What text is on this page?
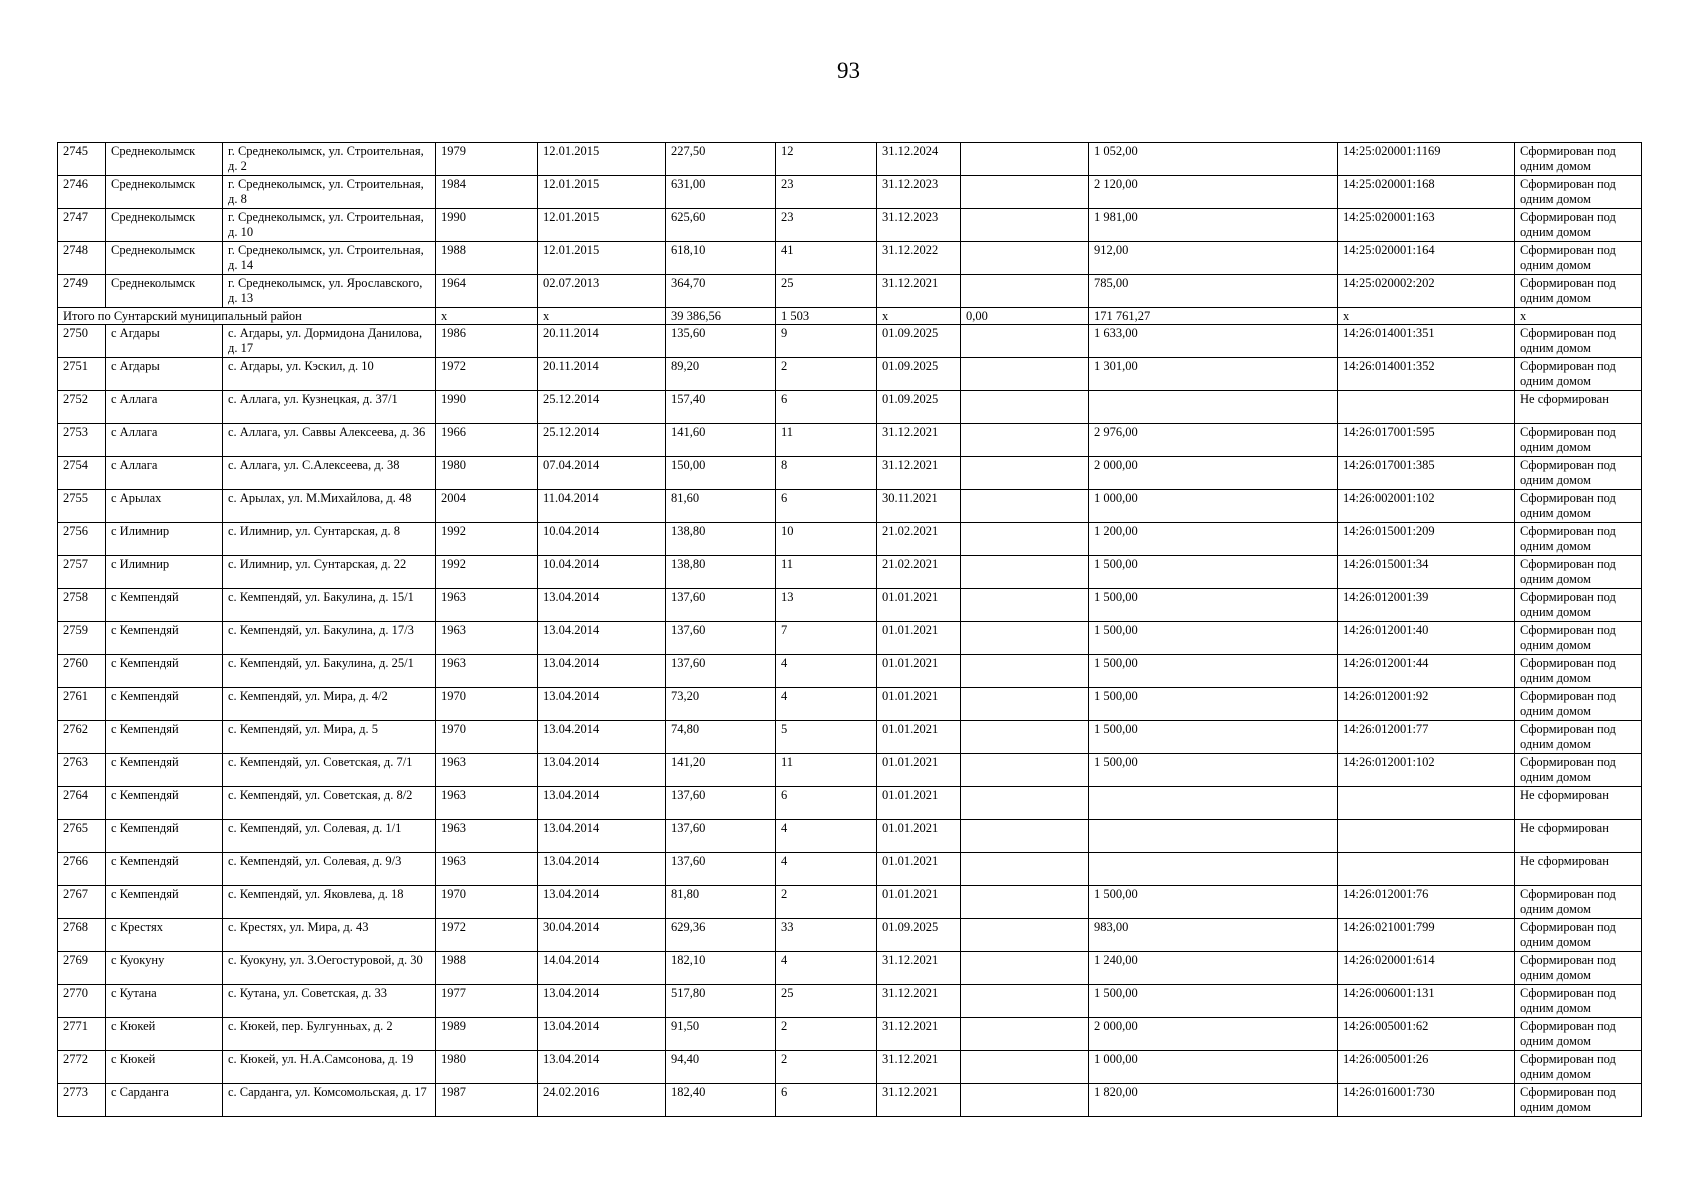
93
2745	Среднеколымск	г. Среднеколымск, ул. Строительная, д. 2	1979	12.01.2015	227,50	12	31.12.2024		1 052,00	14:25:020001:1169	Сформирован под одним домом
2746	Среднеколымск	г. Среднеколымск, ул. Строительная, д. 8	1984	12.01.2015	631,00	23	31.12.2023		2 120,00	14:25:020001:168	Сформирован под одним домом
2747	Среднеколымск	г. Среднеколымск, ул. Строительная, д. 10	1990	12.01.2015	625,60	23	31.12.2023		1 981,00	14:25:020001:163	Сформирован под одним домом
2748	Среднеколымск	г. Среднеколымск, ул. Строительная, д. 14	1988	12.01.2015	618,10	41	31.12.2022		912,00	14:25:020001:164	Сформирован под одним домом
2749	Среднеколымск	г. Среднеколымск, ул. Ярославского, д. 13	1964	02.07.2013	364,70	25	31.12.2021		785,00	14:25:020002:202	Сформирован под одним домом
Итого по Сунтарский муниципальный район			х	х	39 386,56	1 503	х	0,00	171 761,27	х	х
2750	с Агдары	с. Агдары, ул. Дормидона Данилова, д. 17	1986	20.11.2014	135,60	9	01.09.2025		1 633,00	14:26:014001:351	Сформирован под одним домом
2751	с Агдары	с. Агдары, ул. Кэскил, д. 10	1972	20.11.2014	89,20	2	01.09.2025		1 301,00	14:26:014001:352	Сформирован под одним домом
2752	с Аллага	с. Аллага, ул. Кузнецкая, д. 37/1	1990	25.12.2014	157,40	6	01.09.2025				Не сформирован
2753	с Аллага	с. Аллага, ул. Саввы Алексеева, д. 36	1966	25.12.2014	141,60	11	31.12.2021		2 976,00	14:26:017001:595	Сформирован под одним домом
2754	с Аллага	с. Аллага, ул. С.Алексеева, д. 38	1980	07.04.2014	150,00	8	31.12.2021		2 000,00	14:26:017001:385	Сформирован под одним домом
2755	с Арылах	с. Арылах, ул. М.Михайлова, д. 48	2004	11.04.2014	81,60	6	30.11.2021		1 000,00	14:26:002001:102	Сформирован под одним домом
2756	с Илимнир	с. Илимнир, ул. Сунтарская, д. 8	1992	10.04.2014	138,80	10	21.02.2021		1 200,00	14:26:015001:209	Сформирован под одним домом
2757	с Илимнир	с. Илимнир, ул. Сунтарская, д. 22	1992	10.04.2014	138,80	11	21.02.2021		1 500,00	14:26:015001:34	Сформирован под одним домом
2758	с Кемпендяй	с. Кемпендяй, ул. Бакулина, д. 15/1	1963	13.04.2014	137,60	13	01.01.2021		1 500,00	14:26:012001:39	Сформирован под одним домом
2759	с Кемпендяй	с. Кемпендяй, ул. Бакулина, д. 17/3	1963	13.04.2014	137,60	7	01.01.2021		1 500,00	14:26:012001:40	Сформирован под одним домом
2760	с Кемпендяй	с. Кемпендяй, ул. Бакулина, д. 25/1	1963	13.04.2014	137,60	4	01.01.2021		1 500,00	14:26:012001:44	Сформирован под одним домом
2761	с Кемпендяй	с. Кемпендяй, ул. Мира, д. 4/2	1970	13.04.2014	73,20	4	01.01.2021		1 500,00	14:26:012001:92	Сформирован под одним домом
2762	с Кемпендяй	с. Кемпендяй, ул. Мира, д. 5	1970	13.04.2014	74,80	5	01.01.2021		1 500,00	14:26:012001:77	Сформирован под одним домом
2763	с Кемпендяй	с. Кемпендяй, ул. Советская, д. 7/1	1963	13.04.2014	141,20	11	01.01.2021		1 500,00	14:26:012001:102	Сформирован под одним домом
2764	с Кемпендяй	с. Кемпендяй, ул. Советская, д. 8/2	1963	13.04.2014	137,60	6	01.01.2021				Не сформирован
2765	с Кемпендяй	с. Кемпендяй, ул. Солевая, д. 1/1	1963	13.04.2014	137,60	4	01.01.2021				Не сформирован
2766	с Кемпендяй	с. Кемпендяй, ул. Солевая, д. 9/3	1963	13.04.2014	137,60	4	01.01.2021				Не сформирован
2767	с Кемпендяй	с. Кемпендяй, ул. Яковлева, д. 18	1970	13.04.2014	81,80	2	01.01.2021		1 500,00	14:26:012001:76	Сформирован под одним домом
2768	с Крестях	с. Крестях, ул. Мира, д. 43	1972	30.04.2014	629,36	33	01.09.2025		983,00	14:26:021001:799	Сформирован под одним домом
2769	с Куокуну	с. Куокуну, ул. З.Оегостуровой, д. 30	1988	14.04.2014	182,10	4	31.12.2021		1 240,00	14:26:020001:614	Сформирован под одним домом
2770	с Кутана	с. Кутана, ул. Советская, д. 33	1977	13.04.2014	517,80	25	31.12.2021		1 500,00	14:26:006001:131	Сформирован под одним домом
2771	с Кюкей	с. Кюкей, пер. Булгунньах, д. 2	1989	13.04.2014	91,50	2	31.12.2021		2 000,00	14:26:005001:62	Сформирован под одним домом
2772	с Кюкей	с. Кюкей, ул. Н.А.Самсонова, д. 19	1980	13.04.2014	94,40	2	31.12.2021		1 000,00	14:26:005001:26	Сформирован под одним домом
2773	с Сарданга	с. Сарданга, ул. Комсомольская, д. 17	1987	24.02.2016	182,40	6	31.12.2021		1 820,00	14:26:016001:730	Сформирован под одним домом
